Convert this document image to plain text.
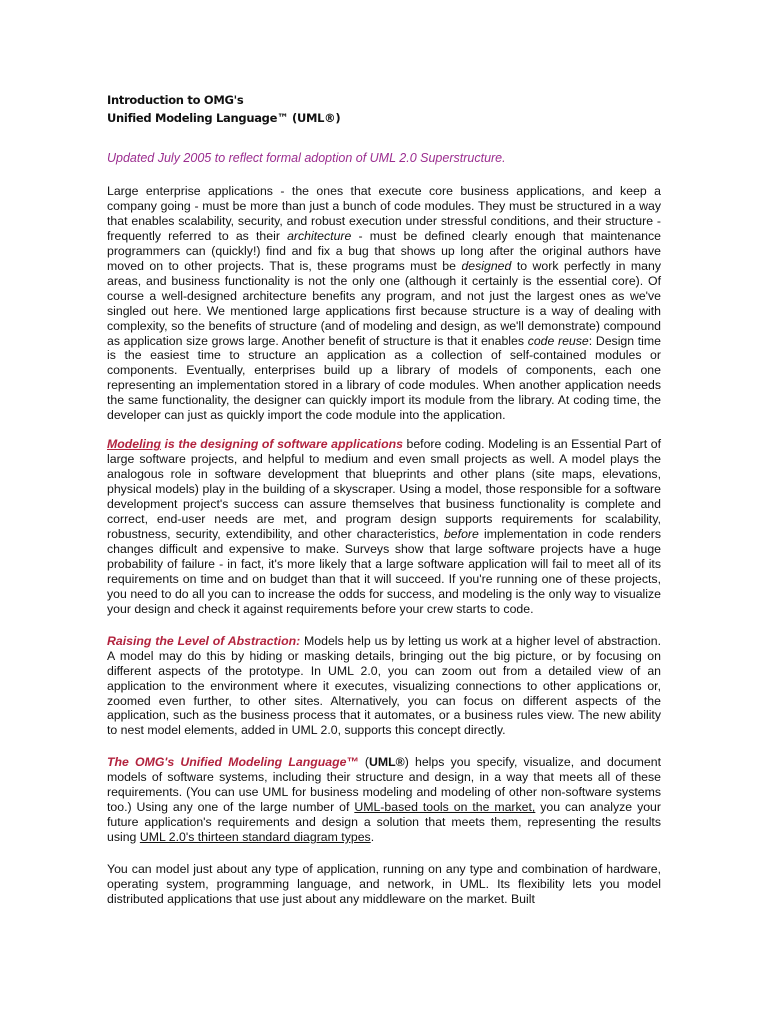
Introduction to OMG's
Unified Modeling Language™ (UML®)

Updated July 2005 to reflect formal adoption of UML 2.0 Superstructure.

Large enterprise applications - the ones that execute core business applications, and keep a company going - must be more than just a bunch of code modules. They must be structured in a way that enables scalability, security, and robust execution under stressful conditions, and their structure - frequently referred to as their architecture - must be defined clearly enough that maintenance programmers can (quickly!) find and fix a bug that shows up long after the original authors have moved on to other projects. That is, these programs must be designed to work perfectly in many areas, and business functionality is not the only one (although it certainly is the essential core). Of course a well-designed architecture benefits any program, and not just the largest ones as we've singled out here. We mentioned large applications first because structure is a way of dealing with complexity, so the benefits of structure (and of modeling and design, as we'll demonstrate) compound as application size grows large. Another benefit of structure is that it enables code reuse: Design time is the easiest time to structure an application as a collection of self-contained modules or components. Eventually, enterprises build up a library of models of components, each one representing an implementation stored in a library of code modules. When another application needs the same functionality, the designer can quickly import its module from the library. At coding time, the developer can just as quickly import the code module into the application.

Modeling is the designing of software applications before coding. Modeling is an Essential Part of large software projects, and helpful to medium and even small projects as well. A model plays the analogous role in software development that blueprints and other plans (site maps, elevations, physical models) play in the building of a skyscraper. Using a model, those responsible for a software development project's success can assure themselves that business functionality is complete and correct, end-user needs are met, and program design supports requirements for scalability, robustness, security, extendibility, and other characteristics, before implementation in code renders changes difficult and expensive to make. Surveys show that large software projects have a huge probability of failure - in fact, it's more likely that a large software application will fail to meet all of its requirements on time and on budget than that it will succeed. If you're running one of these projects, you need to do all you can to increase the odds for success, and modeling is the only way to visualize your design and check it against requirements before your crew starts to code.

Raising the Level of Abstraction: Models help us by letting us work at a higher level of abstraction. A model may do this by hiding or masking details, bringing out the big picture, or by focusing on different aspects of the prototype. In UML 2.0, you can zoom out from a detailed view of an application to the environment where it executes, visualizing connections to other applications or, zoomed even further, to other sites. Alternatively, you can focus on different aspects of the application, such as the business process that it automates, or a business rules view. The new ability to nest model elements, added in UML 2.0, supports this concept directly.

The OMG's Unified Modeling Language™ (UML®) helps you specify, visualize, and document models of software systems, including their structure and design, in a way that meets all of these requirements. (You can use UML for business modeling and modeling of other non-software systems too.) Using any one of the large number of UML-based tools on the market, you can analyze your future application's requirements and design a solution that meets them, representing the results using UML 2.0's thirteen standard diagram types.

You can model just about any type of application, running on any type and combination of hardware, operating system, programming language, and network, in UML. Its flexibility lets you model distributed applications that use just about any middleware on the market. Built
